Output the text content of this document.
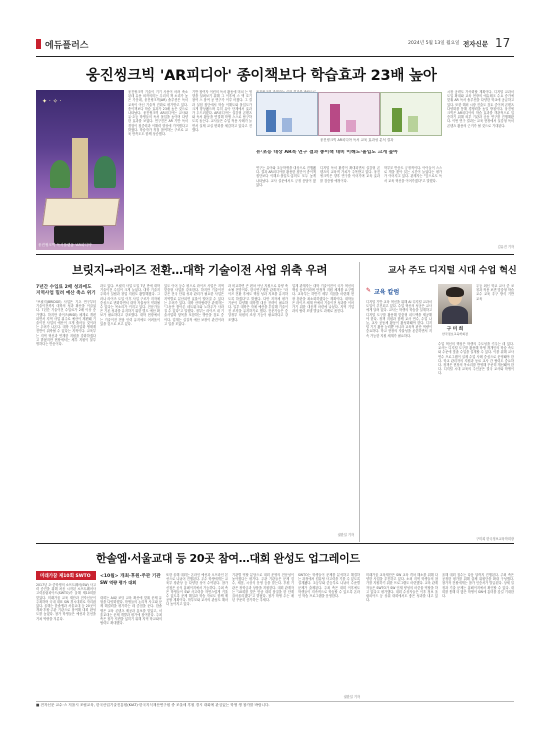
에듀플러스	2024년 5월 13일 월요일 전자신문 17
웅진씽크빅 'AR피디아' 종이책보다 학습효과 23배 높아
✦ · ✧ ·
웅진씽크빅 독서플랫폼 'AR피디아'
웅진씽크빅 기술이 기기 사용이 어려 축소된데 유용 외작의미는 우리의 책 소리가 높은 가운데, 웅진씽크빅(AR) 솔루션은 독서 교육이 아닌 기술적 진화로 평가받고 있다. 종이책보다 학습 효과가 23배 높은 것으로 나타났다. 웅진씽크빅 AR피디아는 교사와 유·초등 학생들의 독서 몰입을 높이며 다양한 효과를 보였다. 연구진은 AR 기반 독서 경험이 집중력과 이해력 향상에 기여했다고 밝혔다. 학습자가 직접 참여하는 구조로 교육 만족도도 함께 상승했다.
기반 참여자 이런의 독서 활동에 미치 는 영향을 살펴보기 위해 그 이후에 스 액 흐기 참여 스 참여 공 연구가 이루 어졌다. 그 결과 실험 집단에서 학습 이해도와 몰입도가 크게 향상됐으며 특히 유아 단계에서 효과가 두드러졌다. AR피디아는 실감형 콘텐츠와 독서 활동을 연결해 학생 스스로 탐구하도록 돕는다. 교사들은 수업 적용 사례가 늘면서 실제 교실 변화를 체감하고 있다고 전했다.
웅진씽크빅 AR피디아 독서 교육 효과성 분석 결과
유·초등 대상 AR북 연구 결과 종이책 대비 이해도·몰입도 크게 높아
연구는 유아와 초등학생을 대상으로 진행됐다. 결과 AR피디아를 활용한 집단이 종이책 집단보다 이해도·몰입도·흥미도 모두 높게 나타났다. 교사 설문에서도 긍정 응답이 많았다.
디지털 독서 환경이 확대되면서 실감형 콘텐츠의 교육적 가치가 주목받고 있다. 웅진씽크빅은 향후 연구를 이어가며 교육 효과를 검증할 예정이다.
학부모 반응도 긍정적이다. 아이들이 스스로 책을 찾아 읽는 시간이 늘었다는 평가가 이어지고 있다. 관계자는 "앞으로도 독서 교육 혁신을 이어가겠다"고 말했다.
시장 공략도 가속화할 계획이다. 디지털 교과서 도입 확대와 교육 현장의 에듀테크 수요 증가에 맞춰 AR 독서 솔루션을 다양한 학교에 공급하고 있다. 또한 해외 시장 진출도 검토 중이며 콘텐츠 다양화를 통해 경쟁력을 높일 방침이다. 웅진씽크빅은 AR피디아의 학습 효과를 객관적으로 입증하기 위해 외부 기관과 공동 연구를 진행해왔다. 이번 연구 결과는 교육 현장에서 실감형 독서 콘텐츠 활용의 근거가 될 것으로 기대된다.
김유진 기자
브릿지→라이즈 전환…대학 기술이전 사업 위축 우려
7년간 수입료 2배 성과에도
지역사업 밀려 예산 축소 위기
"브릿지(BRIDGE) 사업은 기초 연구부터 기술이전까지 대학의 성과 확산을 이끌었다. 7년간 기술이전 수입료가 2배 이상 증가했다. 하지만 라이즈(RISE) 체계로 개편되면서 지역 사업 위주로 예산이 재편돼 기술이전 사업의 예산이 크게 줄어들 것이라는 우려가 나온다. 대학 기술사업화 생태계 전반이 위축될 수 있다는 지적이다. 교육부는 지역 혁신과 연계한 지원을 강화하겠다고 밝혔지만 현장에서는 세부 지원이 불투명하다는 반응이다.
과도 있다. 브릿지 사업 도입 7년 만에 대학 기술이전 수입이 크게 늘었다. 대학 기술지주회사 설립과 창업 지원도 활발해졌다. 그러나 라이즈 도입 이후 사업 구조가 지자체 중심으로 변화하면서 대학 자율성이 약화될 수 있다는 목소리가 커지고 있다. 전문가들은 기존 성과를 유지하기 위한 별도 예산 확보가 필요하다고 강조했다. 대학 현장에서는 기술이전 전담 인력 유지에도 어려움이 있을 것으로 보고 있다.
있도 이어 등수 평으로 라이즈 사업은 지역 맞춤형 사업을 강조한다. 하지만 기술이전 같은 전국 단위 성과 관리가 필요한 사업은 지역별로 분산되면 효율이 떨어질 수 있다는 우려가 있다. 대학 산학협력단 관계자는 "그동안 쌓아온 네트워크와 노하우가 사라질 수 있다"고 말했다. 정부는 라이즈 내 기술사업화 항목을 포함하는 방안을 검토 중이다. 업계는 실질적 예산 보장이 관건이라고 입을 모았다.
과 비교하면 큰 편차 아닌 지원으로 다양 축소될 전망이다. 한국연구재단 관계자는 "라이즈 전환 후에도 핵심 성과 지표를 유지하도록 하겠다"고 밝혔다. 다만 지자체 평가 기준이 다양해 대학별 대응 전략이 필요하다. 일부 대학은 자체 예산을 투입해 기술이전 조직을 유지하기로 했다. 전문가들은 중앙정부 차원의 조정 기능이 필요하다고 강조했다.
업계 관계자는 대학 기술이전이 국가 혁신의 핵심 동력이라며 안정적 지원 체계를 요구했다. 교육부는 하반기 세부 지침을 마련해 현장 혼란을 최소화하겠다는 계획이다. 대학들은 라이즈 체계 안에서 기술이전 성과를 이어가기 위한 대응책 마련에 나섰다. 지역 기업과의 협력 모델 발굴도 과제로 꼽힌다.
권한일 기자
교사 주도 디지털 시대 수업 혁신
✎ 교육 칼럼
디지털 기반 교육 혁신을 위해 AI 디지털 교과서 도입이 추진되고 있다. 수업 혁신의 성공은 교사에게 달려 있다. 교사는 학생의 학습을 설계하고 디지털 도구를 활용해 맞춤형 피드백을 제공해야 한다. 정책 지원과 함께 교사 연수, 수업 나눔, 교사 공동체 활동이 활성화돼야 한다. 디지털 기기 활용 능력뿐 아니라 교육적 판단 역량이 중요하다. 학교 현장의 자율성을 존중하면서 지속 가능한 지원 체계가 필요하다.
구 미 희
한국정보교육학회장
우등 최신 학교 교사 중 코칭과 적용 보면 맞춤형 학습 교수 교육 추구 방식 기반 교육
수업 혁신의 핵심은 학생의 주도성을 키우는 데 있다. 교사는 디지털 도구를 활용해 학생 개개인의 학습 속도와 수준에 맞춘 수업을 설계할 수 있다. 이를 위해 교사 연수 프로그램이 실제 수업 사례 중심으로 운영돼야 한다. 학교 관리자의 지원과 동료 교사 간 협력도 중요하다. 정책은 현장의 목소리를 반영해 꾸준히 개선돼야 한다. 디지털 시대 교육의 주인공은 결국 교사와 학생이다.
구미희 한국정보교육학회장
한솔엠·서울교대 등 20곳 참여…대회 완성도 업그레이드
미래가꿈 제10회 SWTO
2017년 초·중학생의 소프트웨어(SW) 사고력 증진을 위해 처음 시작된 소프트웨어사고력올림피아드(SWTO)가 올해 제10회를 맞았다. 미래가꿈 교육 재단과 전자신문이 주최하며 국내 대표 SW 경시대회로 자리잡았다. 올해는 한솔엠과 서울교대 등 20곳이 개최·후원·주관 기관으로 참여해 대회 완성도를 높였다. 참가 학생들은 예선과 본선을 거쳐 역량을 겨룬다.
<10월> 개최·후원·주관 기관
SW 역량 평가 대회
대회는 AI와 코딩 교육 확산에 맞춰 문제 유형을 다양화했다. 학생들의 논리적 사고와 문제 해결력을 평가하는 데 중점을 둔다. 한솔엠은 교육 콘텐츠 제공과 홍보를 맡았고, 서울교대는 문제 개발과 평가에 참여한다. 주최 측은 참가 저변을 넓히기 위해 지역 학교와의 협력도 확대했다.
또한 올해 대회는 온라인 예선과 오프라인 본선으로 나뉘어 진행된다. 우수 학생에게는 교육부 장관상 등 다양한 상이 수여된다. 참가 신청은 공식 홈페이지에서 가능하다. 주최 측은 학생들이 SW 사고력을 자연스럽게 키울 수 있도록 문제 해설과 학습 자료도 함께 제공할 계획이다. 학부모와 교사의 관심도 해마다 높아지고 있다.
기관별 역할 분담으로 대회 운영의 전문성이 높아졌다는 평가다. 주관 기관들은 문제 검수, 채점, 시상식 운영 등을 맡는다. 후원 기관은 장학금과 상품을 지원한다. 대회 관계자는 "10회를 맞은 만큼 대회 품질을 한 단계 끌어올리겠다"고 밝혔다. 참가 학생 수는 매년 꾸준히 증가하는 추세다.
SWTO는 학생들이 문제를 분석하고 해결하는 과정에서 컴퓨팅 사고력을 기를 수 있도록 설계됐다. 초등부와 중등부로 나뉘어 수준별 문제가 출제된다. 주최 측은 대회 이후에도 학생들이 지속적으로 학습할 수 있도록 온라인 학습 프로그램을 운영한다.
권한일 기자
미래가꿈 교육재단은 SW 교육 격차 해소를 위해 다양한 사업을 추진하고 있다. 소외 지역 학생들의 참가를 지원하기 위한 프로그램도 마련했다. 교육 관계자들은 SWTO가 SW 인재 양성의 마중물 역할을 하고 있다고 평가했다. 대회 수상자들은 이후 정보 올림피아드 등 상위 대회에서도 좋은 성과를 내고 있다.
올해 대회 접수는 다음 달까지 진행된다. 주최 측은 공정한 평가를 위해 출제 위원단을 확대 구성했다. 참가자 전원에게는 참가 인증서가 발급된다. 상세 일정과 기출 문제는 홈페이지에서 확인할 수 있다. 대회를 통해 더 많은 학생이 SW에 흥미를 갖길 기대한다.
■ 전자신문 교수·스 저을시 조립교육, 한국산업기술진흥원(KIAT)·한국지식재산연구원 중 조울세 후원 경시 대회에 관심있는 학생 생 참가를 바랍니다.
